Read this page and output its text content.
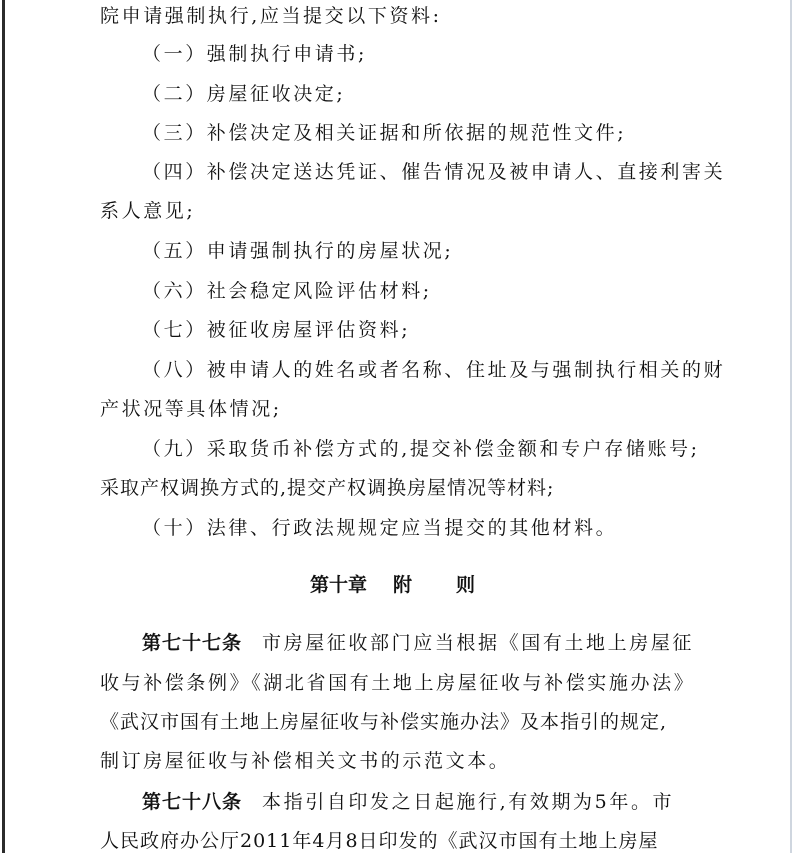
院申请强制执行,应当提交以下资料:
（一）强制执行申请书;
（二）房屋征收决定;
（三）补偿决定及相关证据和所依据的规范性文件;
（四）补偿决定送达凭证、催告情况及被申请人、直接利害关
系人意见;
（五）申请强制执行的房屋状况;
（六）社会稳定风险评估材料;
（七）被征收房屋评估资料;
（八）被申请人的姓名或者名称、住址及与强制执行相关的财
产状况等具体情况;
（九）采取货币补偿方式的,提交补偿金额和专户存储账号;
采取产权调换方式的,提交产权调换房屋情况等材料;
（十）法律、行政法规规定应当提交的其他材料。
第十章 附 则
第七十七条 市房屋征收部门应当根据《国有土地上房屋征
收与补偿条例》《湖北省国有土地上房屋征收与补偿实施办法》
《武汉市国有土地上房屋征收与补偿实施办法》及本指引的规定,
制订房屋征收与补偿相关文书的示范文本。
第七十八条 本指引自印发之日起施行,有效期为5年。市
人民政府办公厅2011年4月8日印发的《武汉市国有土地上房屋
